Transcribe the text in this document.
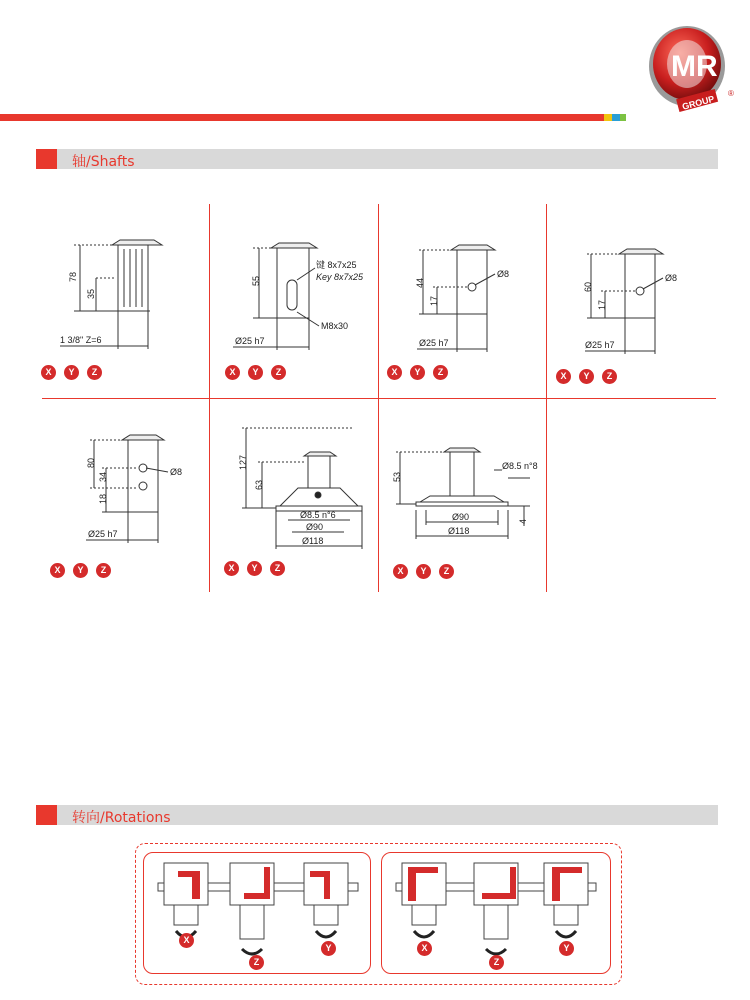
MR
GROUP
®
轴/Shafts
78
35
1 3/8" Z=6
X Y Z
55
键 8x7x25
Key 8x7x25
M8x30
Ø25 h7
X Y Z
44
17
Ø8
Ø25 h7
X Y Z
60
17
Ø8
Ø25 h7
X Y Z
80
34
18
Ø8
Ø25 h7
X Y Z
127
63
Ø8.5 n°6
Ø90
Ø118
X Y Z
53
Ø8.5 n°8
Ø90
Ø118
4
X Y Z
转向/Rotations
X
Z
Y	X
Z
Y
